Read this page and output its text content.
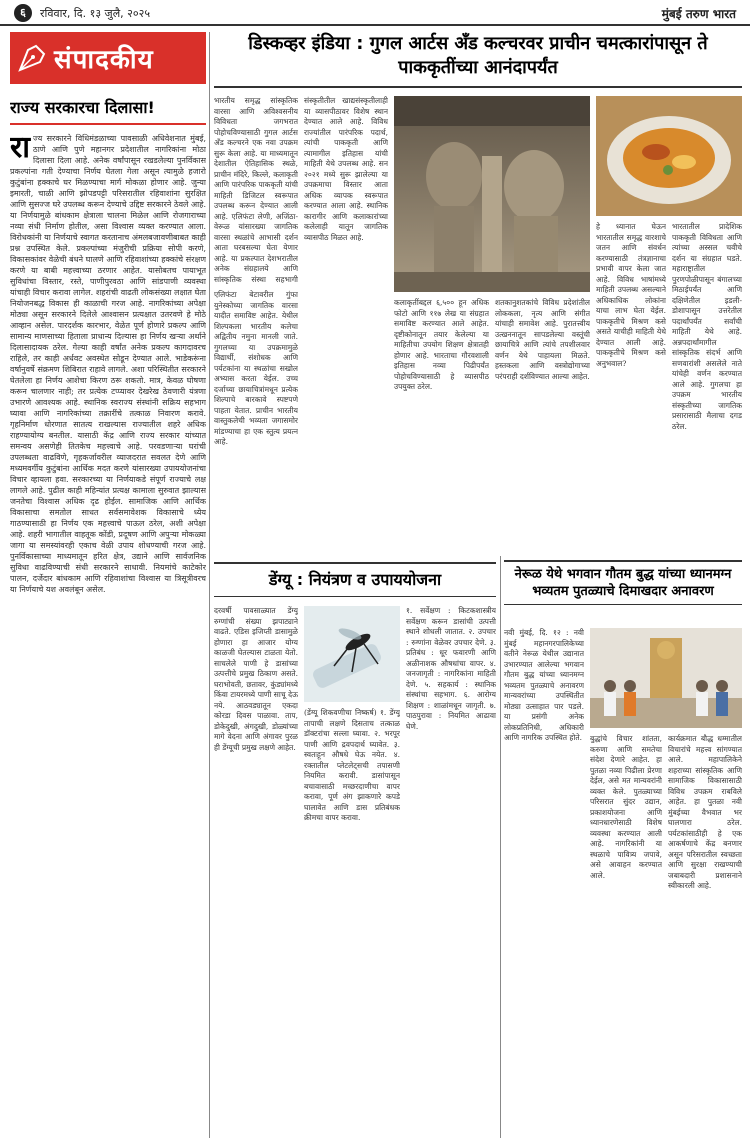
६	रविवार, दि. १३ जुलै, २०२५	मुंबई तरुण भारत
संपादकीय
राज्य सरकारचा दिलासा!
राज्य सरकारने विधिमंडळाच्या पावसाळी अधिवेशनात मुंबई, ठाणे आणि पुणे महानगर प्रदेशातील नागरिकांना मोठा दिलासा दिला आहे. अनेक वर्षांपासून रखडलेल्या पुनर्विकास प्रकल्पांना गती देण्याचा निर्णय घेतला गेला असून त्यामुळे हजारो कुटुंबांना हक्काचे घर मिळण्याचा मार्ग मोकळा होणार आहे. जुन्या इमारती, चाळी आणि झोपडपट्टी परिसरातील रहिवाशांना सुरक्षित आणि सुसज्ज घरे उपलब्ध करून देण्याचे उद्दिष्ट सरकारने ठेवले आहे. या निर्णयामुळे बांधकाम क्षेत्राला चालना मिळेल आणि रोजगाराच्या नव्या संधी निर्माण होतील, असा विश्वास व्यक्त करण्यात आला. विरोधकांनी या निर्णयाचे स्वागत करतानाच अंमलबजावणीबाबत काही प्रश्न उपस्थित केले. प्रकल्पांच्या मंजुरीची प्रक्रिया सोपी करणे, विकासकांवर वेळेची बंधने घालणे आणि रहिवाशांच्या हक्कांचे संरक्षण करणे या बाबी महत्त्वाच्या ठरणार आहेत. यासोबतच पायाभूत सुविधांचा विस्तार, रस्ते, पाणीपुरवठा आणि सांडपाणी व्यवस्था यांचाही विचार करावा लागेल. शहरांची वाढती लोकसंख्या लक्षात घेता नियोजनबद्ध विकास ही काळाची गरज आहे. नागरिकांच्या अपेक्षा मोठ्या असून सरकारने दिलेले आश्वासन प्रत्यक्षात उतरवणे हे मोठे आव्हान असेल. पारदर्शक कारभार, वेळेत पूर्ण होणारे प्रकल्प आणि सामान्य माणसाच्या हिताला प्राधान्य दिल्यास हा निर्णय खऱ्या अर्थाने दिलासादायक ठरेल. गेल्या काही वर्षांत अनेक प्रकल्प कागदावरच राहिले, तर काही अर्धवट अवस्थेत सोडून देण्यात आले. भाडेकरूंना वर्षानुवर्षे संक्रमण शिबिरात राहावे लागले. अशा परिस्थितीत सरकारने घेतलेला हा निर्णय आशेचा किरण ठरू शकतो. मात्र, केवळ घोषणा करून चालणार नाही; तर प्रत्येक टप्प्यावर देखरेख ठेवणारी यंत्रणा उभारणे आवश्यक आहे. स्थानिक स्वराज्य संस्थांनी सक्रिय सहभाग घ्यावा आणि नागरिकांच्या तक्रारींचे तत्काळ निवारण करावे. गृहनिर्माण धोरणात सातत्य राखल्यास राज्यातील शहरे अधिक राहण्यायोग्य बनतील. यासाठी केंद्र आणि राज्य सरकार यांच्यात समन्वय असणेही तितकेच महत्त्वाचे आहे. परवडणाऱ्या घरांची उपलब्धता वाढविणे, गृहकर्जावरील व्याजदरात सवलत देणे आणि मध्यमवर्गीय कुटुंबांना आर्थिक मदत करणे यांसारख्या उपाययोजनांचा विचार व्हायला हवा. सरकारच्या या निर्णयाकडे संपूर्ण राज्याचे लक्ष लागले आहे. पुढील काही महिन्यांत प्रत्यक्ष कामाला सुरुवात झाल्यास जनतेचा विश्वास अधिक दृढ होईल. सामाजिक आणि आर्थिक विकासाचा समतोल साधत सर्वसमावेशक विकासाचे ध्येय गाठण्यासाठी हा निर्णय एक महत्त्वाचे पाऊल ठरेल, अशी अपेक्षा आहे. शहरी भागातील वाहतूक कोंडी, प्रदूषण आणि अपुऱ्या मोकळ्या जागा या समस्यांवरही एकाच वेळी उपाय शोधण्याची गरज आहे. पुनर्विकासाच्या माध्यमातून हरित क्षेत्र, उद्याने आणि सार्वजनिक सुविधा वाढविण्याची संधी सरकारने साधावी. नियमांचे काटेकोर पालन, दर्जेदार बांधकाम आणि रहिवाशांचा विश्वास या त्रिसूत्रीवरच या निर्णयाचे यश अवलंबून असेल.
डिस्कव्हर इंडिया : गुगल आर्टस अँड कल्चरवर प्राचीन चमत्कारांपासून ते पाककृतींच्या आनंदापर्यंत
भारतीय समृद्ध सांस्कृतिक वारसा आणि अविश्वसनीय विविधता जगभरात पोहोचविण्यासाठी गुगल आर्टस अँड कल्चरने एक नवा उपक्रम सुरू केला आहे. या माध्यमातून देशातील ऐतिहासिक स्थळे, प्राचीन मंदिरे, किल्ले, कलाकृती आणि पारंपरिक पाककृती यांची माहिती डिजिटल स्वरूपात उपलब्ध करून देण्यात आली आहे. एलिफंटा लेणी, अजिंठा-वेरूळ यांसारख्या जागतिक वारसा स्थळांचे आभासी दर्शन आता घरबसल्या घेता येणार आहे. या प्रकल्पात देशभरातील अनेक संग्रहालये आणि सांस्कृतिक संस्था सहभागी
एलिफंटा बेटावरील गुंफा युनेस्कोच्या जागतिक वारसा यादीत समाविष्ट आहेत. येथील शिल्पकला भारतीय कलेचा अद्वितीय नमुना मानली जाते. गुगलच्या या उपक्रमामुळे विद्यार्थी, संशोधक आणि पर्यटकांना या स्थळांचा सखोल अभ्यास करता येईल. उच्च दर्जाच्या छायाचित्रांमधून प्रत्येक शिल्पाचे बारकावे स्पष्टपणे पाहता येतात. प्राचीन भारतीय वास्तुकलेची भव्यता जगासमोर मांडण्याचा हा एक स्तुत्य प्रयत्न आहे.
संस्कृतीतील खाद्यसंस्कृतीलाही या व्यासपीठावर विशेष स्थान देण्यात आले आहे. विविध राज्यांतील पारंपरिक पदार्थ, त्यांची पाककृती आणि त्यामागील इतिहास यांची माहिती येथे उपलब्ध आहे. सन २०२१ मध्ये सुरू झालेल्या या उपक्रमाचा विस्तार आता अधिक व्यापक स्वरूपात करण्यात आला आहे. स्थानिक कारागीर आणि कलाकारांच्या कलेलाही यातून जागतिक व्यासपीठ मिळत आहे.
हे ध्यानात घेऊन भारतातील समृद्ध वारशाचे जतन आणि संवर्धन करण्यासाठी तंत्रज्ञानाचा प्रभावी वापर केला जात आहे. विविध भाषांमध्ये माहिती उपलब्ध असल्याने अधिकाधिक लोकांना याचा लाभ घेता येईल. पाककृतीचे मिश्रण कसे असते याचीही माहिती येथे देण्यात आली आहे. पाककृतीचे मिश्रण कसे अनुभवाल?
भारतातील प्रादेशिक पाककृती विविधता आणि त्यांच्या अस्सल चवीचे दर्शन या संग्रहात घडते. महाराष्ट्रातील पुरणपोळीपासून बंगालच्या मिठाईपर्यंत आणि दक्षिणेतील इडली-डोशापासून उत्तरेतील पदार्थांपर्यंत सर्वांची माहिती येथे आहे. अन्नपदार्थांमागील सांस्कृतिक संदर्भ आणि सणवारांशी असलेले नाते यांचेही वर्णन करण्यात आले आहे. गुगलचा हा उपक्रम भारतीय संस्कृतीच्या जागतिक प्रसारासाठी मैलाचा दगड ठरेल.
कलाकृतींबद्दल ६,५०० हून अधिक फोटो आणि ११७ लेख या संग्रहात समाविष्ट करण्यात आले आहेत. दृष्टीकोनातून तयार केलेल्या या माहितीचा उपयोग शिक्षण क्षेत्रातही होणार आहे. भारताचा गौरवशाली इतिहास नव्या पिढीपर्यंत पोहोचविण्यासाठी हे व्यासपीठ उपयुक्त ठरेल.
शतकानुशतकांचे विविध प्रदेशांतील लोककला, नृत्य आणि संगीत यांचाही समावेश आहे. पुरातत्त्वीय उत्खननातून सापडलेल्या वस्तूंची छायाचित्रे आणि त्यांचे तपशीलवार वर्णन येथे पाहायला मिळते. हस्तकला आणि वस्त्रोद्योगाच्या परंपराही दर्शविण्यात आल्या आहेत.
डेंग्यू : नियंत्रण व उपाययोजना
दरवर्षी पावसाळ्यात डेंग्यू रुग्णांची संख्या झपाट्याने वाढते. एडिस इजिप्ती डासामुळे होणारा हा आजार योग्य काळजी घेतल्यास टाळता येतो. साचलेले पाणी हे डासांच्या उत्पत्तीचे प्रमुख ठिकाण असते. घराभोवती, छतावर, कुंड्यांमध्ये किंवा टायरमध्ये पाणी साचू देऊ नये. आठवड्यातून एकदा कोरडा दिवस पाळावा. ताप, डोकेदुखी, अंगदुखी, डोळ्यांच्या मागे वेदना आणि अंगावर पुरळ ही डेंग्यूची प्रमुख लक्षणे आहेत.
(डेंग्यू शिकवणीचा निष्कर्ष) १. डेंग्यू तापाची लक्षणे दिसताच तत्काळ डॉक्टरांचा सल्ला घ्यावा. २. भरपूर पाणी आणि द्रवपदार्थ घ्यावेत. ३. स्वतःहून औषधे घेऊ नयेत. ४. रक्तातील प्लेटलेट्सची तपासणी नियमित करावी. डासांपासून बचावासाठी मच्छरदाणीचा वापर करावा, पूर्ण अंग झाकणारे कपडे घालावेत आणि डास प्रतिबंधक क्रीमचा वापर करावा.
१. सर्वेक्षण : किटकशास्त्रीय सर्वेक्षण करून डासांची उत्पत्ती स्थाने शोधली जातात. २. उपचार : रुग्णांना वेळेवर उपचार देणे. ३. प्रतिबंध : धूर फवारणी आणि अळीनाशक औषधांचा वापर. ४. जनजागृती : नागरिकांना माहिती देणे. ५. सहकार्य : स्थानिक संस्थांचा सहभाग. ६. आरोग्य शिक्षण : शाळांमधून जागृती. ७. पाठपुरावा : नियमित आढावा घेणे.
नेरूळ येथे भगवान गौतम बुद्ध यांच्या ध्यानमग्न भव्यतम पुतळ्याचे दिमाखदार अनावरण
नवी मुंबई, दि. १२ : नवी मुंबई महानगरपालिकेच्या वतीने नेरूळ येथील उद्यानात उभारण्यात आलेल्या भगवान गौतम बुद्ध यांच्या ध्यानमग्न भव्यतम पुतळ्याचे अनावरण मान्यवरांच्या उपस्थितीत मोठ्या उत्साहात पार पडले. या प्रसंगी अनेक लोकप्रतिनिधी, अधिकारी आणि नागरिक उपस्थित होते. बुद्धांचे विचार शांतता, करुणा आणि समतेचा संदेश देणारे आहेत. हा पुतळा नव्या पिढीला प्रेरणा देईल, असे मत मान्यवरांनी व्यक्त केले. पुतळ्याच्या परिसरात सुंदर उद्यान, प्रकाशयोजना आणि ध्यानधारणेसाठी विशेष व्यवस्था करण्यात आली आहे. नागरिकांनी या स्थळाचे पावित्र्य जपावे, असे आवाहन करण्यात आले.
कार्यक्रमात बौद्ध धम्मातील विचारांचे महत्त्व सांगण्यात आले. महापालिकेने शहराच्या सांस्कृतिक आणि सामाजिक विकासासाठी विविध उपक्रम राबविले आहेत. हा पुतळा नवी मुंबईच्या वैभवात भर घालणारा ठरेल. पर्यटकांसाठीही हे एक आकर्षणाचे केंद्र बनणार असून परिसरातील स्वच्छता आणि सुरक्षा राखण्याची जबाबदारी प्रशासनाने स्वीकारली आहे.
